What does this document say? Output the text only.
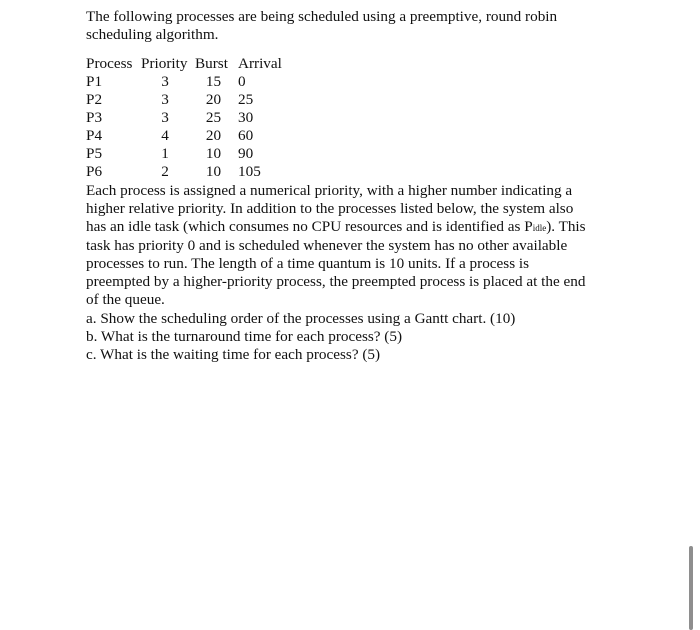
The following processes are being scheduled using a preemptive, round robin
scheduling algorithm.

Process	Priority	Burst	Arrival
P1	3	15	0
P2	3	20	25
P3	3	25	30
P4	4	20	60
P5	1	10	90
P6	2	10	105

Each process is assigned a numerical priority, with a higher number indicating a
higher relative priority. In addition to the processes listed below, the system also
has an idle task (which consumes no CPU resources and is identified as Pidle). This
task has priority 0 and is scheduled whenever the system has no other available
processes to run. The length of a time quantum is 10 units. If a process is
preempted by a higher-priority process, the preempted process is placed at the end
of the queue.

a. Show the scheduling order of the processes using a Gantt chart. (10)
b. What is the turnaround time for each process? (5)
c. What is the waiting time for each process? (5)
